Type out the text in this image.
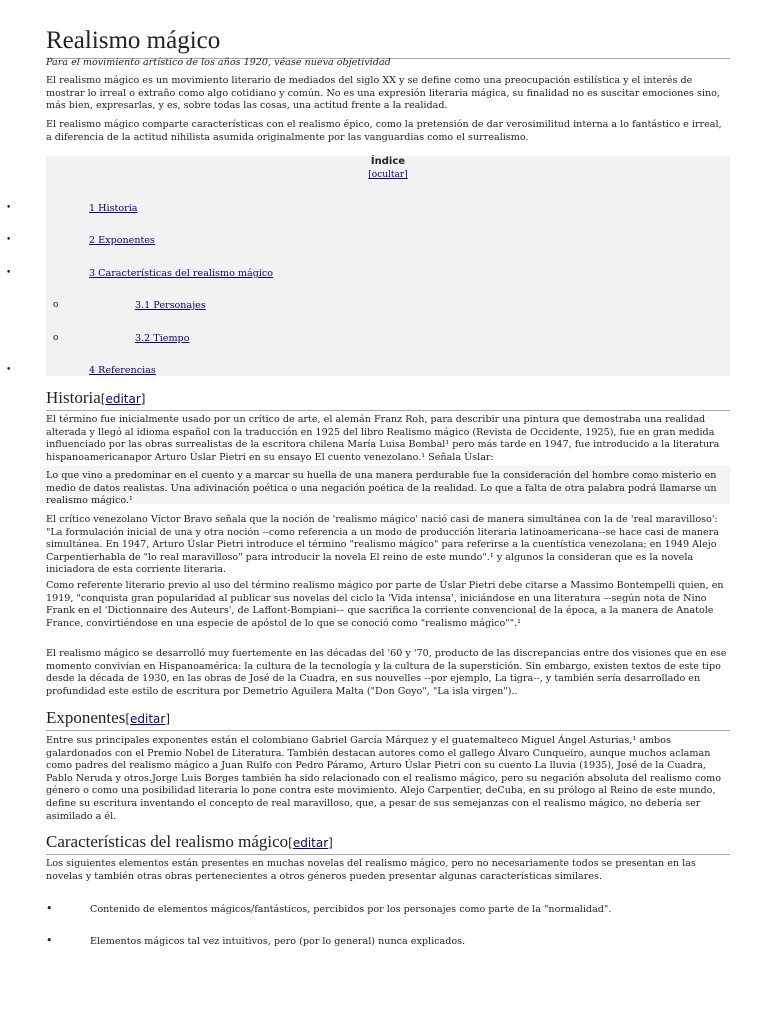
Realismo mágico
Para el movimiento artístico de los años 1920, véase nueva objetividad

El realismo mágico es un movimiento literario de mediados del siglo XX y se define como una preocupación estilística y el interés de mostrar lo irreal o extraño como algo cotidiano y común. No es una expresión literaria mágica, su finalidad no es suscitar emociones sino, más bien, expresarlas, y es, sobre todas las cosas, una actitud frente a la realidad.

El realismo mágico comparte características con el realismo épico, como la pretensión de dar verosimilitud interna a lo fantástico e irreal, a diferencia de la actitud nihilista asumida originalmente por las vanguardias como el surrealismo.

Índice
[ocultar]
•	1 Historia
•	2 Exponentes
•	3 Características del realismo mágico
o	3.1 Personajes
o	3.2 Tiempo
•	4 Referencias
Historia[editar]

El término fue inicialmente usado por un crítico de arte, el alemán Franz Roh, para describir una pintura que demostraba una realidad alterada y llegó al idioma español con la traducción en 1925 del libro Realismo mágico (Revista de Occidente, 1925), fue en gran medida influenciado por las obras surrealistas de la escritora chilena María Luisa Bombal¹ pero más tarde en 1947, fue introducido a la literatura hispanoamericanapor Arturo Úslar Pietri en su ensayo El cuento venezolano.¹ Señala Úslar:

Lo que vino a predominar en el cuento y a marcar su huella de una manera perdurable fue la consideración del hombre como misterio en medio de datos realistas. Una adivinación poética o una negación poética de la realidad. Lo que a falta de otra palabra podrá llamarse un realismo mágico.¹

El crítico venezolano Víctor Bravo señala que la noción de 'realismo mágico' nació casi de manera simultánea con la de 'real maravilloso': "La formulación inicial de una y otra noción --como referencia a un modo de producción literaria latinoamericana--se hace casi de manera simultánea. En 1947, Arturo Úslar Pietri introduce el término "realismo mágico" para referirse a la cuentística venezolana; en 1949 Alejo Carpentierhabla de "lo real maravilloso" para introducir la novela El reino de este mundo".¹ y algunos la consideran que es la novela iniciadora de esta corriente literaria.

Como referente literario previo al uso del término realismo mágico por parte de Úslar Pietri debe citarse a Massimo Bontempelli quien, en 1919, "conquista gran popularidad al publicar sus novelas del ciclo la 'Vida intensa', iniciándose en una literatura –-según nota de Nino Frank en el 'Dictionnaire des Auteurs', de Laffont-Bompiani-– que sacrifica la corriente convencional de la época, a la manera de Anatole France, convirtiéndose en una especie de apóstol de lo que se conoció como "realismo mágico"".¹

El realismo mágico se desarrolló muy fuertemente en las décadas del '60 y '70, producto de las discrepancias entre dos visiones que en ese momento convivían en Hispanoamérica: la cultura de la tecnología y la cultura de la superstición. Sin embargo, existen textos de este tipo desde la década de 1930, en las obras de José de la Cuadra, en sus nouvelles --por ejemplo, La tigra--, y también sería desarrollado en profundidad este estilo de escritura por Demetrio Aguilera Malta ("Don Goyo", "La isla virgen")..

Exponentes[editar]

Entre sus principales exponentes están el colombiano Gabriel García Márquez y el guatemalteco Miguel Ángel Asturias,¹ ambos galardonados con el Premio Nobel de Literatura. También destacan autores como el gallego Álvaro Cunqueiro, aunque muchos aclaman como padres del realismo mágico a Juan Rulfo con Pedro Páramo, Arturo Úslar Pietri con su cuento La lluvia (1935), José de la Cuadra, Pablo Neruda y otros.Jorge Luis Borges también ha sido relacionado con el realismo mágico, pero su negación absoluta del realismo como género o como una posibilidad literaria lo pone contra este movimiento. Alejo Carpentier, deCuba, en su prólogo al Reino de este mundo, define su escritura inventando el concepto de real maravilloso, que, a pesar de sus semejanzas con el realismo mágico, no debería ser asimilado a él.

Características del realismo mágico[editar]

Los siguientes elementos están presentes en muchas novelas del realismo mágico, pero no necesariamente todos se presentan en las novelas y también otras obras pertenecientes a otros géneros pueden presentar algunas características similares.

•	Contenido de elementos mágicos/fantásticos, percibidos por los personajes como parte de la "normalidad".
•	Elementos mágicos tal vez intuitivos, pero (por lo general) nunca explicados.
